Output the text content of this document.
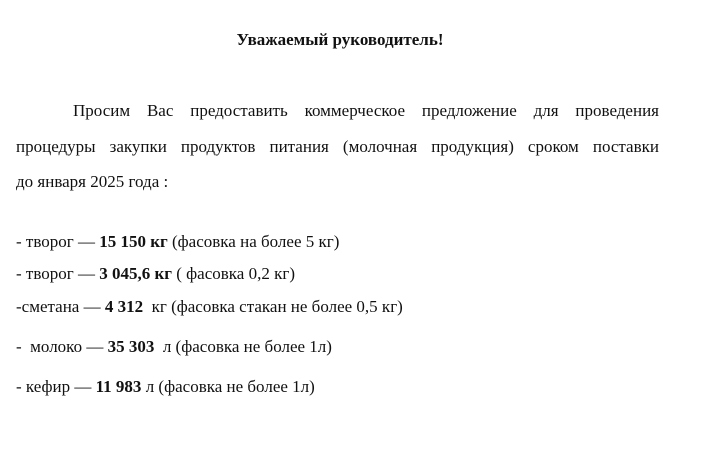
Уважаемый руководитель!
Просим Вас предоставить коммерческое предложение для проведения
процедуры закупки продуктов питания (молочная продукция) сроком поставки
до января 2025 года :
- творог — 15 150 кг (фасовка на более 5 кг)
- творог — 3 045,6 кг ( фасовка 0,2 кг)
-сметана — 4 312  кг (фасовка стакан не более 0,5 кг)
-  молоко — 35 303  л (фасовка не более 1л)
- кефир — 11 983 л (фасовка не более 1л)
